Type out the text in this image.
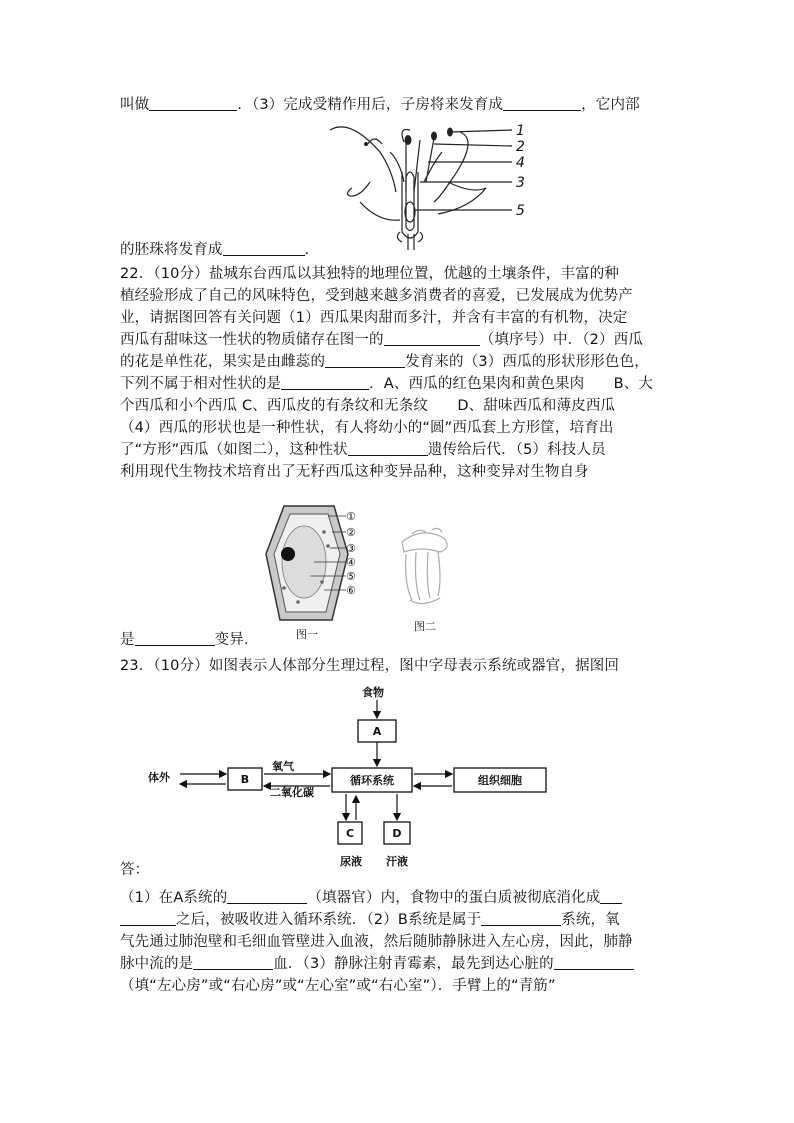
叫做	．（3）完成受精作用后，子房将来发育成	，它内部
1
2
4
3
5
的胚珠将发育成	．
22．（10分）盐城东台西瓜以其独特的地理位置，优越的土壤条件，丰富的种
植经验形成了自己的风味特色，受到越来越多消费者的喜爱，已发展成为优势产
业，请据图回答有关问题（1）西瓜果肉甜而多汁，并含有丰富的有机物，决定
西瓜有甜味这一性状的物质储存在图一的	（填序号）中．（2）西瓜
的花是单性花，果实是由雌蕊的	发育来的（3）西瓜的形状形形色色，
下列不属于相对性状的是	．A、西瓜的红色果肉和黄色果肉　　B、大
个西瓜和小个西瓜 C、西瓜皮的有条纹和无条纹　　D、甜味西瓜和薄皮西瓜
（4）西瓜的形状也是一种性状，有人将幼小的“圆”西瓜套上方形筐，培育出
了“方形”西瓜（如图二），这种性状	遗传给后代．（5）科技人员
利用现代生物技术培育出了无籽西瓜这种变异品种，这种变异对生物自身
图一
①
②
③
④
⑤
⑥
图二
是	变异．
23．（10分）如图表示人体部分生理过程，图中字母表示系统或器官，据图回
食物
体外
氧气
二氧化碳
尿液 汗液
A
B	循环系统	组织细胞
C	D
答：
（1）在A系统的	（填器官）内，食物中的蛋白质被彻底消化成
之后，被吸收进入循环系统．（2）B系统是属于	系统，氧
气先通过肺泡壁和毛细血管壁进入血液，然后随肺静脉进入左心房，因此，肺静
脉中流的是	血．（3）静脉注射青霉素，最先到达心脏的
（填“左心房”或“右心房”或“左心室”或“右心室”）．手臂上的“青筋”
